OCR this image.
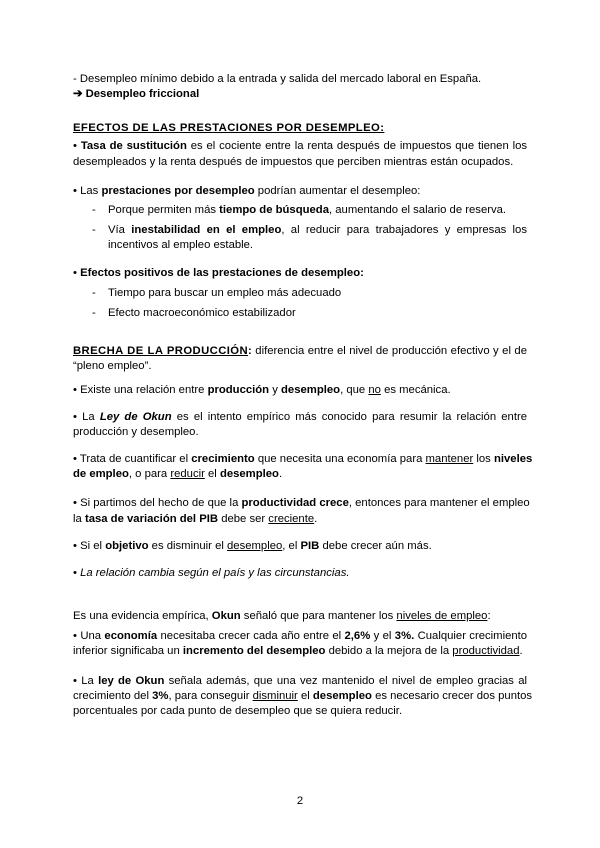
- Desempleo mínimo debido a la entrada y salida del mercado laboral en España.
➔ Desempleo friccional
EFECTOS DE LAS PRESTACIONES POR DESEMPLEO:
• Tasa de sustitución es el cociente entre la renta después de impuestos que tienen los
desempleados y la renta después de impuestos que perciben mientras están ocupados.
• Las prestaciones por desempleo podrían aumentar el desempleo:
- Porque permiten más tiempo de búsqueda, aumentando el salario de reserva.
- Vía inestabilidad en el empleo, al reducir para trabajadores y empresas los
incentivos al empleo estable.
• Efectos positivos de las prestaciones de desempleo:
- Tiempo para buscar un empleo más adecuado
- Efecto macroeconómico estabilizador
BRECHA DE LA PRODUCCIÓN: diferencia entre el nivel de producción efectivo y el de
“pleno empleo”.
• Existe una relación entre producción y desempleo, que no es mecánica.
• La Ley de Okun es el intento empírico más conocido para resumir la relación entre
producción y desempleo.
• Trata de cuantificar el crecimiento que necesita una economía para mantener los niveles
de empleo, o para reducir el desempleo.
• Si partimos del hecho de que la productividad crece, entonces para mantener el empleo
la tasa de variación del PIB debe ser creciente.
• Si el objetivo es disminuir el desempleo, el PIB debe crecer aún más.
• La relación cambia según el país y las circunstancias.
Es una evidencia empírica, Okun señaló que para mantener los niveles de empleo:
• Una economía necesitaba crecer cada año entre el 2,6% y el 3%. Cualquier crecimiento
inferior significaba un incremento del desempleo debido a la mejora de la productividad.
• La ley de Okun señala además, que una vez mantenido el nivel de empleo gracias al
crecimiento del 3%, para conseguir disminuir el desempleo es necesario crecer dos puntos
porcentuales por cada punto de desempleo que se quiera reducir.
2
